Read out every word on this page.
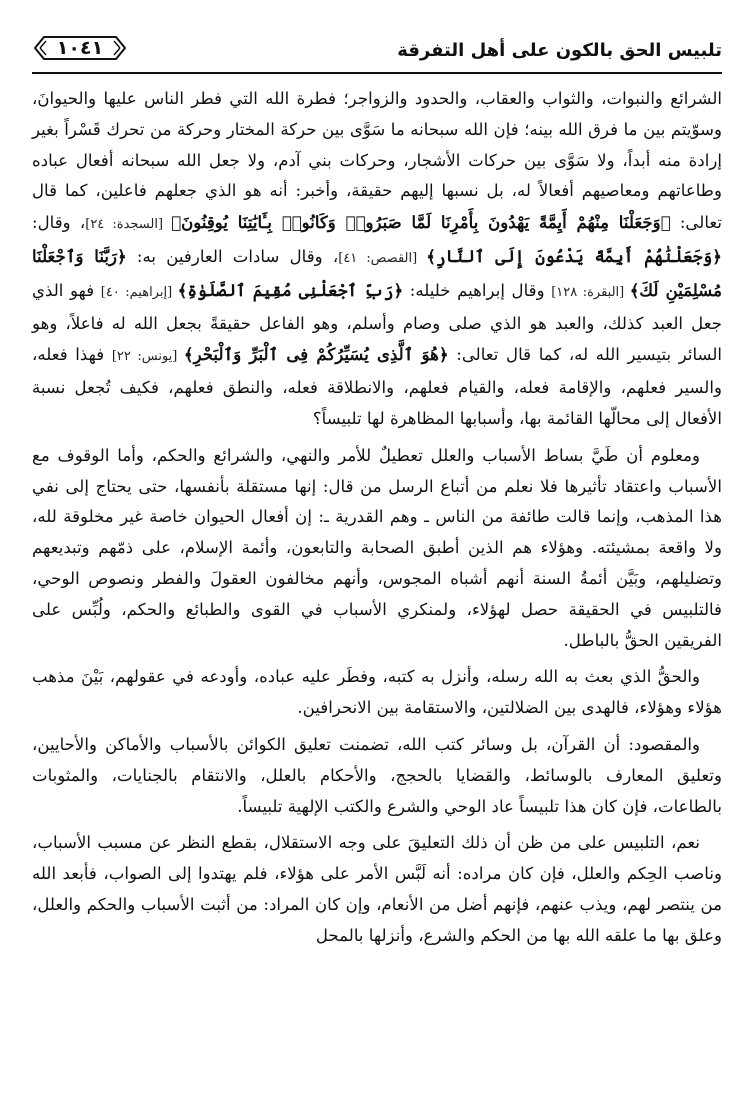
تلبيس الحق بالكون على أهل التفرقة
١٠٤١

الشرائع والنبوات، والثواب والعقاب، والحدود والزواجر؛ فطرة الله التي فطر الناس عليها والحيوانَ، وسوّيتم بين ما فرق الله بينه؛ فإن الله سبحانه ما سَوَّى بين حركة المختار وحركة من تحرك قَسْراً بغير إرادة منه أبداً، ولا سَوَّى بين حركات الأشجار، وحركات بني آدم، ولا جعل الله سبحانه أفعال عباده وطاعاتهم ومعاصيهم أفعالاً له، بل نسبها إليهم حقيقة، وأخبر: أنه هو الذي جعلهم فاعلين، كما قال تعالى: ﴿وَجَعَلْنَا مِنْهُمْ أَيِمَّةً يَهْدُونَ بِأَمْرِنَا لَمَّا صَبَرُوا۟ وَكَانُوا۟ بِـَٔايَٰتِنَا يُوقِنُونَ﴾ [السجدة: ٢٤]، وقال: ﴿وَجَعَلْنَٰهُمْ أَيِمَّةً يَدْعُونَ إِلَى ٱلنَّارِ﴾ [القصص: ٤١]، وقال سادات العارفين به: ﴿رَبَّنَا وَٱجْعَلْنَا مُسْلِمَيْنِ لَكَ﴾ [البقرة: ١٢٨] وقال إبراهيم خليله: ﴿رَبِّ ٱجْعَلْنِى مُقِيمَ ٱلصَّلَوٰةِ﴾ [إبراهيم: ٤٠] فهو الذي جعل العبد كذلك، والعبد هو الذي صلى وصام وأسلم، وهو الفاعل حقيقةً بجعل الله له فاعلاً، وهو السائر بتيسير الله له، كما قال تعالى: ﴿هُوَ ٱلَّذِى يُسَيِّرُكُمْ فِى ٱلْبَرِّ وَٱلْبَحْرِ﴾ [يونس: ٢٢] فهذا فعله، والسير فعلهم، والإقامة فعله، والقيام فعلهم، والانطلاقة فعله، والنطق فعلهم، فكيف تُجعل نسبة الأفعال إلى محالّها القائمة بها، وأسبابها المظاهرة لها تلبيساً؟

ومعلوم أن طَيَّ بساط الأسباب والعلل تعطيلٌ للأمر والنهي، والشرائع والحكم، وأما الوقوف مع الأسباب واعتقاد تأثيرها فلا نعلم من أتباع الرسل من قال: إنها مستقلة بأنفسها، حتى يحتاج إلى نفي هذا المذهب، وإنما قالت طائفة من الناس ـ وهم القدرية ـ: إن أفعال الحيوان خاصة غير مخلوقة لله، ولا واقعة بمشيئته. وهؤلاء هم الذين أطبق الصحابة والتابعون، وأئمة الإسلام، على ذمّهم وتبديعهم وتضليلهم، وبَيَّن أئمةُ السنة أنهم أشباه المجوس، وأنهم مخالفون العقولَ والفطر ونصوص الوحي، فالتلبيس في الحقيقة حصل لهؤلاء، ولمنكري الأسباب في القوى والطبائع والحكم، ولُبِّس على الفريقين الحقُّ بالباطل.

والحقُّ الذي بعث به الله رسله، وأنزل به كتبه، وفطَر عليه عباده، وأودعه في عقولهم، بَيْنَ مذهب هؤلاء وهؤلاء، فالهدى بين الضلالتين، والاستقامة بين الانحرافين.

والمقصود: أن القرآن، بل وسائر كتب الله، تضمنت تعليق الكوائن بالأسباب والأماكن والأحايين، وتعليق المعارف بالوسائط، والقضايا بالحجج، والأحكام بالعلل، والانتقام بالجنايات، والمثوبات بالطاعات، فإن كان هذا تلبيساً عاد الوحي والشرع والكتب الإلهية تلبيساً.

نعم، التلبيس على من ظن أن ذلك التعليقَ على وجه الاستقلال، بقطع النظر عن مسبب الأسباب، وناصب الحِكم والعلل، فإن كان مراده: أنه لَبَّس الأمر على هؤلاء، فلم يهتدوا إلى الصواب، فأبعد الله من ينتصر لهم، ويذب عنهم، فإنهم أضل من الأنعام، وإن كان المراد: من أثبت الأسباب والحكم والعلل، وعلق بها ما علقه الله بها من الحكم والشرع، وأنزلها بالمحل
